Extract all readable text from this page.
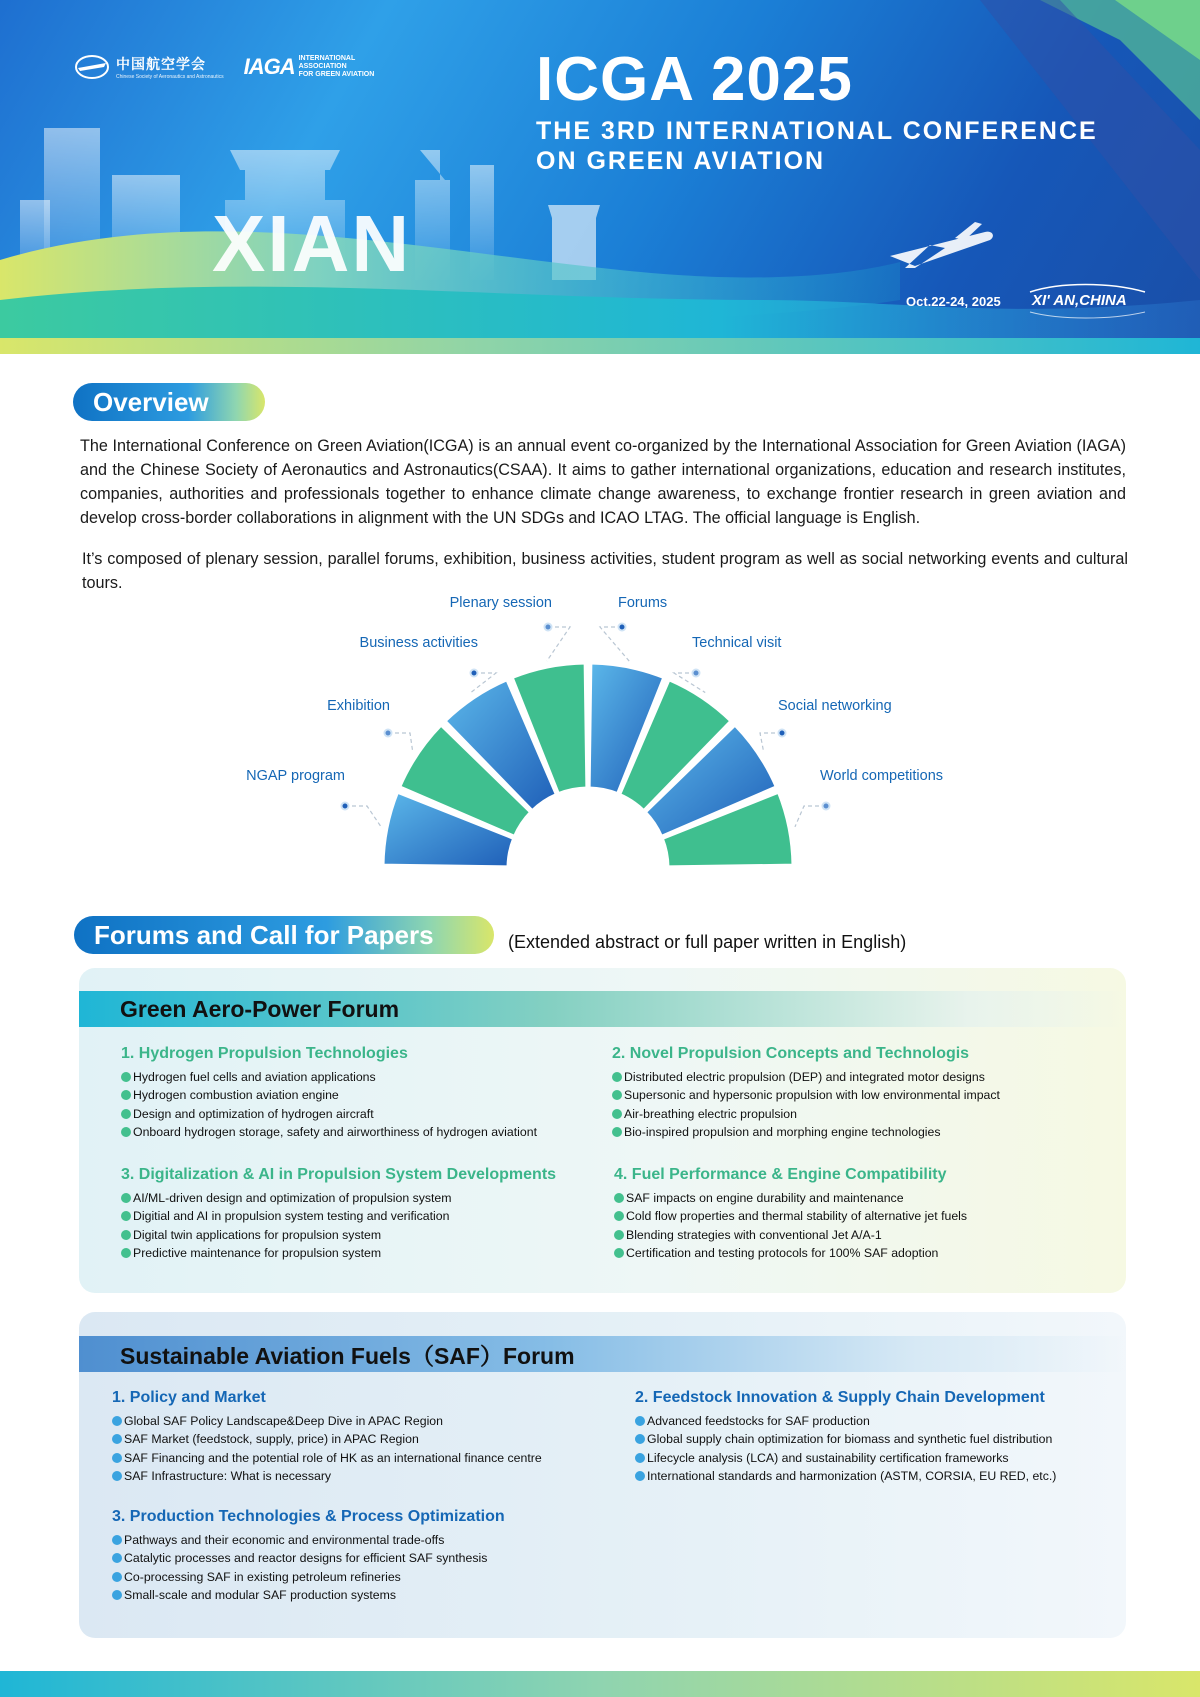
中国航空学会
Chinese Society of Aeronautics and Astronautics IAGA INTERNATIONAL
ASSOCIATION
FOR GREEN AVIATION	ICGA 2025
THE 3RD INTERNATIONAL CONFERENCE
ON GREEN AVIATION
XIAN
Oct.22-24, 2025 XI' AN,CHINA
Overview

The International Conference on Green Aviation(ICGA) is an annual event co-organized by the International Association for Green Aviation (IAGA) and the Chinese Society of Aeronautics and Astronautics(CSAA). It aims to gather international organizations, education and research institutes, companies, authorities and professionals together to enhance climate change awareness, to exchange frontier research in green aviation and develop cross-border collaborations in alignment with the UN SDGs and ICAO LTAG. The official language is English.

It’s composed of plenary session, parallel forums, exhibition, business activities, student program as well as social networking events and cultural tours.

NGAP program
Exhibition
Business activities
Plenary session	Forums
Technical visit
Social networking
World competitions
Forums and Call for Papers	(Extended abstract or full paper written in English)
Green Aero-Power Forum
1. Hydrogen Propulsion Technologies
Hydrogen fuel cells and aviation applications
Hydrogen combustion aviation engine
Design and optimization of hydrogen aircraft
Onboard hydrogen storage, safety and airworthiness of hydrogen aviationt
2. Novel Propulsion Concepts and Technologis
Distributed electric propulsion (DEP) and integrated motor designs
Supersonic and hypersonic propulsion with low environmental impact
Air-breathing electric propulsion
Bio-inspired propulsion and morphing engine technologies
3. Digitalization & AI in Propulsion System Developments
AI/ML-driven design and optimization of propulsion system
Digitial and AI in propulsion system testing and verification
Digital twin applications for propulsion system
Predictive maintenance for propulsion system
4. Fuel Performance & Engine Compatibility
SAF impacts on engine durability and maintenance
Cold flow properties and thermal stability of alternative jet fuels
Blending strategies with conventional Jet A/A-1
Certification and testing protocols for 100% SAF adoption
Sustainable Aviation Fuels（SAF）Forum
1. Policy and Market
Global SAF Policy Landscape&Deep Dive in APAC Region
SAF Market (feedstock, supply, price) in APAC Region
SAF Financing and the potential role of HK as an international finance centre
SAF Infrastructure: What is necessary
2. Feedstock Innovation & Supply Chain Development
Advanced feedstocks for SAF production
Global supply chain optimization for biomass and synthetic fuel distribution
Lifecycle analysis (LCA) and sustainability certification frameworks
International standards and harmonization (ASTM, CORSIA, EU RED, etc.)
3. Production Technologies & Process Optimization
Pathways and their economic and environmental trade-offs
Catalytic processes and reactor designs for efficient SAF synthesis
Co-processing SAF in existing petroleum refineries
Small-scale and modular SAF production systems
